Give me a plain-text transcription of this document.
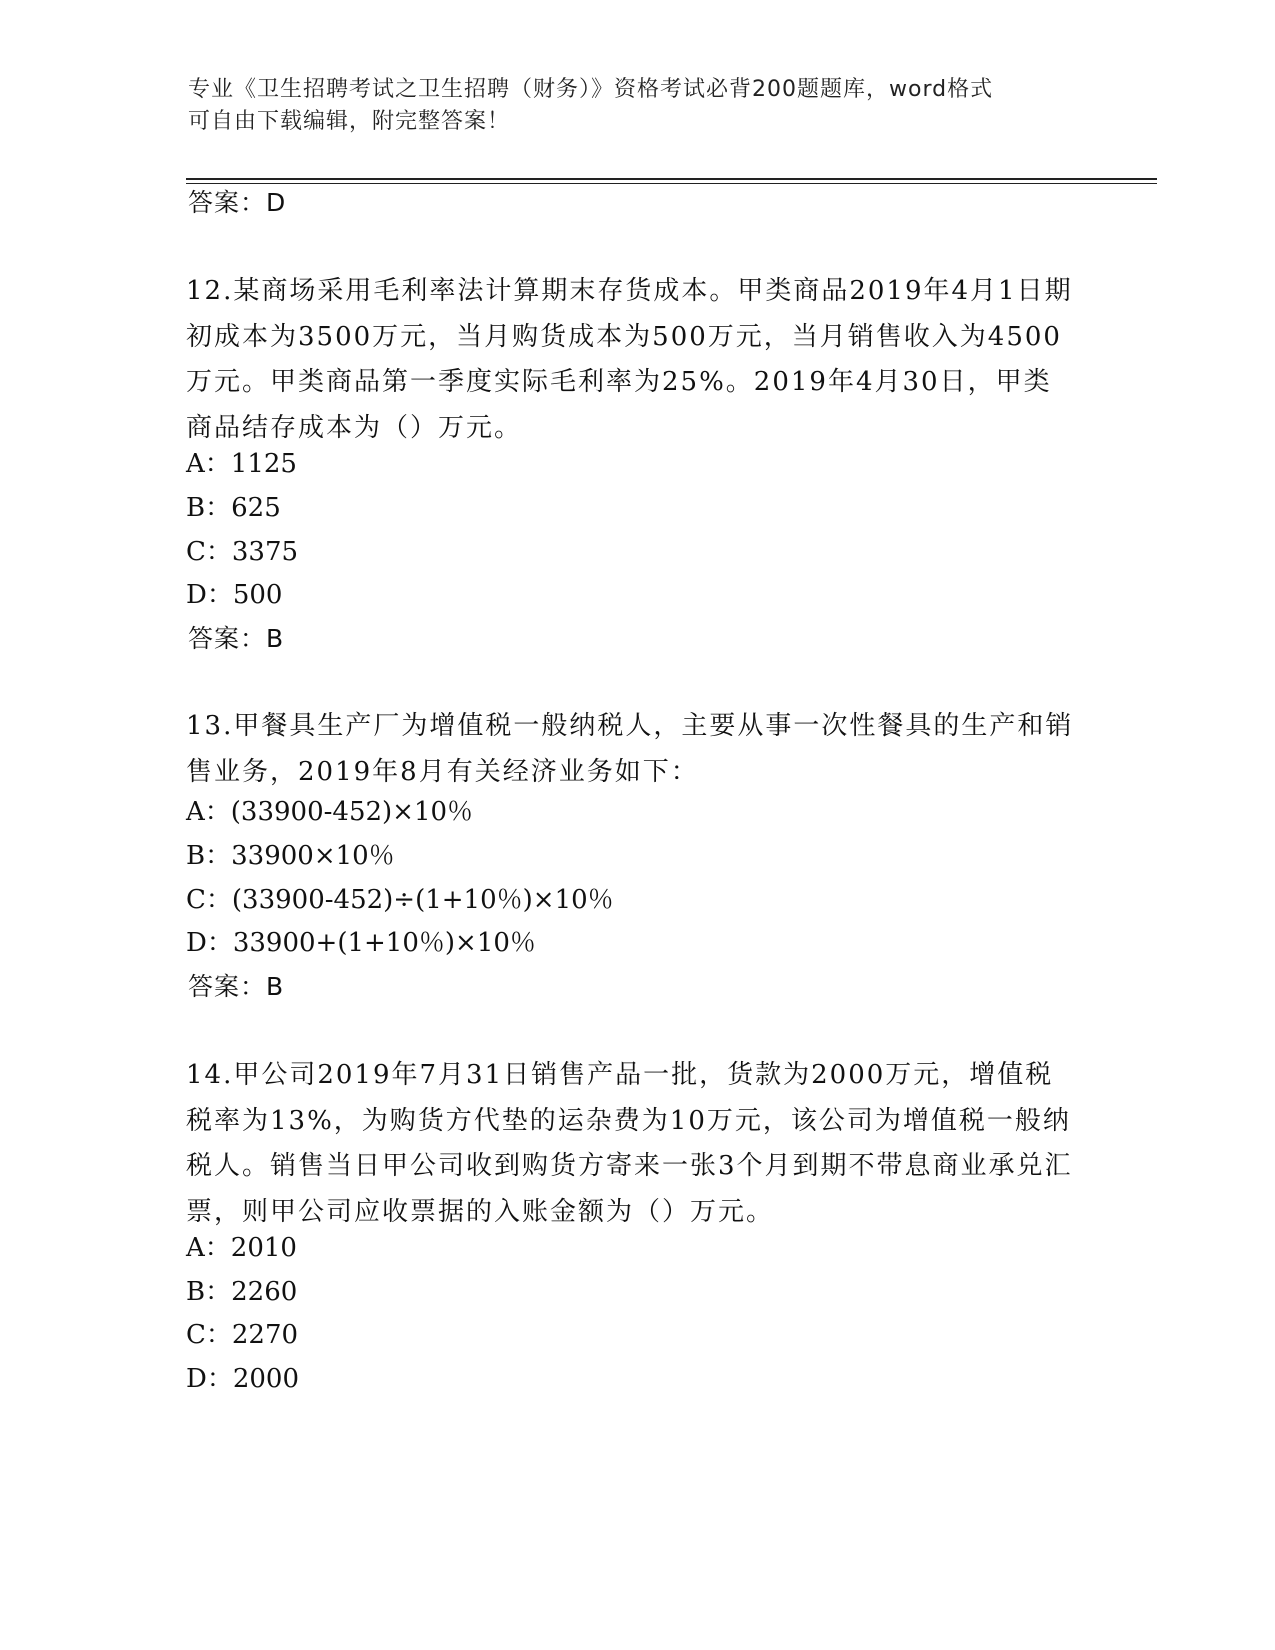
专业《卫生招聘考试之卫生招聘（财务）》资格考试必背200题题库，word格式
可自由下载编辑，附完整答案！
答案：D
12.某商场采用毛利率法计算期末存货成本。甲类商品2019年4月1日期初成本为3500万元，当月购货成本为500万元，当月销售收入为4500万元。甲类商品第一季度实际毛利率为25%。2019年4月30日，甲类商品结存成本为（）万元。
A：1125
B：625
C：3375
D：500
答案：B
13.甲餐具生产厂为增值税一般纳税人，主要从事一次性餐具的生产和销售业务，2019年8月有关经济业务如下：
A：(33900-452)×10％
B：33900×10％
C：(33900-452)÷(1+10％)×10％
D：33900+(1+10％)×10％
答案：B
14.甲公司2019年7月31日销售产品一批，货款为2000万元，增值税税率为13%，为购货方代垫的运杂费为10万元，该公司为增值税一般纳税人。销售当日甲公司收到购货方寄来一张3个月到期不带息商业承兑汇票，则甲公司应收票据的入账金额为（）万元。
A：2010
B：2260
C：2270
D：2000
